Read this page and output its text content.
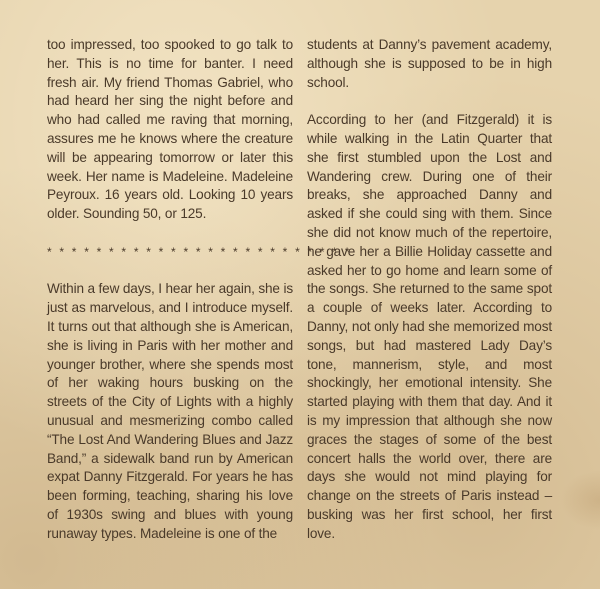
too impressed, too spooked to go talk to her. This is no time for banter. I need fresh air. My friend Thomas Gabriel, who had heard her sing the night before and who had called me raving that morning, assures me he knows where the creature will be appearing tomorrow or later this week. Her name is Madeleine. Madeleine Peyroux. 16 years old. Looking 10 years older. Sounding 50, or 125.

* * * * * * * * * * * * * * * * * * * * * * * * *

Within a few days, I hear her again, she is just as marvelous, and I introduce myself. It turns out that although she is American, she is living in Paris with her mother and younger brother, where she spends most of her waking hours busking on the streets of the City of Lights with a highly unusual and mesmerizing combo called “The Lost And Wandering Blues and Jazz Band,” a sidewalk band run by American expat Danny Fitzgerald. For years he has been forming, teaching, sharing his love of 1930s swing and blues with young runaway types. Madeleine is one of the

students at Danny’s pavement academy, although she is supposed to be in high school.

According to her (and Fitzgerald) it is while walking in the Latin Quarter that she first stumbled upon the Lost and Wandering crew. During one of their breaks, she approached Danny and asked if she could sing with them. Since she did not know much of the repertoire, he gave her a Billie Holiday cassette and asked her to go home and learn some of the songs. She returned to the same spot a couple of weeks later. According to Danny, not only had she memorized most songs, but had mastered Lady Day’s tone, mannerism, style, and most shockingly, her emotional intensity. She started playing with them that day. And it is my impression that although she now graces the stages of some of the best concert halls the world over, there are days she would not mind playing for change on the streets of Paris instead – busking was her first school, her first love.
